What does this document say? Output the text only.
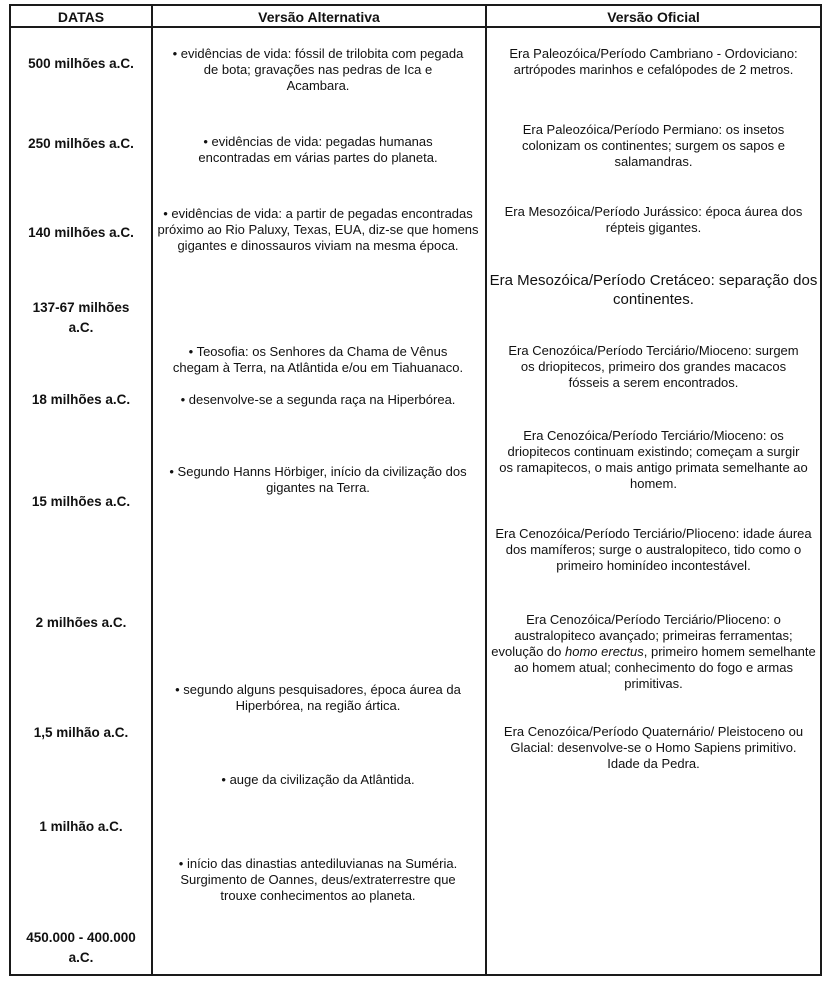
DATAS	Versão Alternativa	Versão Oficial
500 milhões a.C.
250 milhões a.C.
140 milhões a.C.
137-67 milhões a.C.
18 milhões a.C.
15 milhões a.C.
2 milhões a.C.
1,5 milhão a.C.
1 milhão a.C.
450.000 - 400.000 a.C.
• evidências de vida: fóssil de trilobita com pegada de bota; gravações nas pedras de Ica e Acambara.
• evidências de vida: pegadas humanas encontradas em várias partes do planeta.
• evidências de vida: a partir de pegadas encontradas próximo ao Rio Paluxy, Texas, EUA, diz-se que homens gigantes e dinossauros viviam na mesma época.
• Teosofia: os Senhores da Chama de Vênus chegam à Terra, na Atlântida e/ou em Tiahuanaco.
• desenvolve-se a segunda raça na Hiperbórea.
• Segundo Hanns Hörbiger, início da civilização dos gigantes na Terra.
• segundo alguns pesquisadores, época áurea da Hiperbórea, na região ártica.
• auge da civilização da Atlântida.
• início das dinastias antediluvianas na Suméria. Surgimento de Oannes, deus/extraterrestre que trouxe conhecimentos ao planeta.
Era Paleozóica/Período Cambriano - Ordoviciano: artrópodes marinhos e cefalópodes de 2 metros.
Era Paleozóica/Período Permiano: os insetos colonizam os continentes; surgem os sapos e salamandras.
Era Mesozóica/Período Jurássico: época áurea dos répteis gigantes.
Era Mesozóica/Período Cretáceo: separação dos continentes.
Era Cenozóica/Período Terciário/Mioceno: surgem os driopitecos, primeiro dos grandes macacos fósseis a serem encontrados.
Era Cenozóica/Período Terciário/Mioceno: os driopitecos continuam existindo; começam a surgir os ramapitecos, o mais antigo primata semelhante ao homem.
Era Cenozóica/Período Terciário/Plioceno: idade áurea dos mamíferos; surge o australopiteco, tido como o primeiro hominídeo incontestável.
Era Cenozóica/Período Terciário/Plioceno: o australopiteco avançado; primeiras ferramentas; evolução do homo erectus, primeiro homem semelhante ao homem atual; conhecimento do fogo e armas primitivas.
Era Cenozóica/Período Quaternário/ Pleistoceno ou Glacial: desenvolve-se o Homo Sapiens primitivo. Idade da Pedra.
